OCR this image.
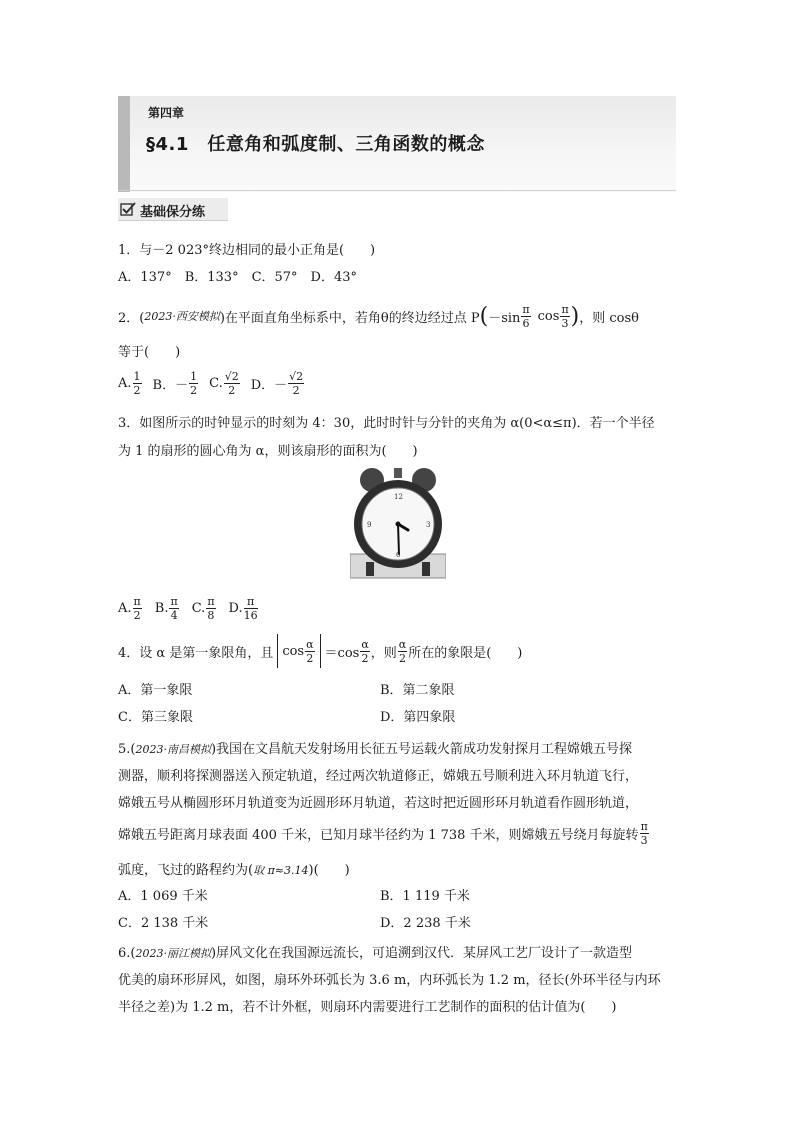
第四章
§4.1　任意角和弧度制、三角函数的概念
基础保分练
1．与－2 023°终边相同的最小正角是(　　)
A．137°　B．133°　C．57°　D．43°
2．( 2023·西安模拟 )在平面直角坐标系中，若角θ的终边经过点 P ( $-\sin \frac{\pi}{6}$ $\cos \frac{\pi}{3}$ ) ，则 cosθ
等于(　　)
A. $\frac{1}{2}$ B．－ $\frac{1}{2} C$. $\frac{√2}{2}$ D．－ $\frac{√2}{2}$
3．如图所示的时钟显示的时刻为 4：30，此时时针与分针的夹角为 α(0<α≤π)．若一个半径
为 1 的扇形的圆心角为 α，则该扇形的面积为(　　)
12
3
6
9
A. $\frac{\pi}{2} B$. $\frac{\pi}{4} C$. $\frac{\pi}{8} D$. $\frac{\pi}{16}$
4．设 α 是第一象限角，且 $\cos \frac{\alpha}{2} =\cos \frac{\alpha}{2}$ ，则 $\frac{\alpha}{2}$ 所在的象限是(　　)
A．第一象限	B．第二象限
C．第三象限	D．第四象限
5.(2023·南昌模拟)我国在文昌航天发射场用长征五号运载火箭成功发射探月工程嫦娥五号探
测器，顺利将探测器送入预定轨道，经过两次轨道修正，嫦娥五号顺利进入环月轨道飞行，
嫦娥五号从椭圆形环月轨道变为近圆形环月轨道，若这时把近圆形环月轨道看作圆形轨道，
嫦娥五号距离月球表面 400 千米，已知月球半径约为 1 738 千米，则嫦娥五号绕月每旋转 $\frac{\pi}{3}$
弧度，飞过的路程约为(取 π≈3.14)(　　)
A．1 069 千米	B．1 119 千米
C．2 138 千米	D．2 238 千米
6.(2023·丽江模拟)屏风文化在我国源远流长，可追溯到汉代．某屏风工艺厂设计了一款造型
优美的扇环形屏风，如图，扇环外环弧长为 3.6 m，内环弧长为 1.2 m，径长(外环半径与内环
半径之差)为 1.2 m，若不计外框，则扇环内需要进行工艺制作的面积的估计值为(　　)
